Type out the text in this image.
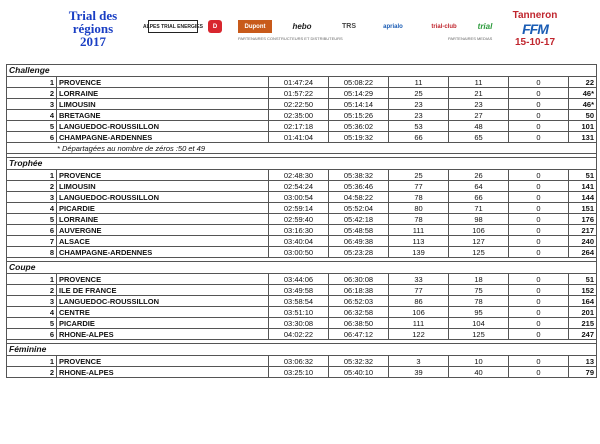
Trial des
régions
2017
ALPES TRIAL ENERGIES	D	Dupont	hebo	TRS	aprialo	trial-club	trial
PARTENAIRES CONSTRUCTEURS ET DISTRIBUTEURS	PARTENAIRES MEDIAS
Tanneron
FFM
15-10-17
Challenge							
1	PROVENCE	01:47:24	05:08:22	11	11	0	22
2	LORRAINE	01:57:22	05:14:29	25	21	0	46*
3	LIMOUSIN	02:22:50	05:14:14	23	23	0	46*
4	BRETAGNE	02:35:00	05:15:26	23	27	0	50
5	LANGUEDOC-ROUSSILLON	02:17:18	05:36:02	53	48	0	101
6	CHAMPAGNE-ARDENNES	01:41:04	05:19:32	66	65	0	131
* Départagées au nombre de zéros :50 et 49							

Trophée							
1	PROVENCE	02:48:30	05:38:32	25	26	0	51
2	LIMOUSIN	02:54:24	05:36:46	77	64	0	141
3	LANGUEDOC-ROUSSILLON	03:00:54	04:58:22	78	66	0	144
4	PICARDIE	02:59:14	05:52:04	80	71	0	151
5	LORRAINE	02:59:40	05:42:18	78	98	0	176
6	AUVERGNE	03:16:30	05:48:58	111	106	0	217
7	ALSACE	03:40:04	06:49:38	113	127	0	240
8	CHAMPAGNE-ARDENNES	03:00:50	05:23:28	139	125	0	264

Coupe							
1	PROVENCE	03:44:06	06:30:08	33	18	0	51
2	ILE DE FRANCE	03:49:58	06:18:38	77	75	0	152
3	LANGUEDOC-ROUSSILLON	03:58:54	06:52:03	86	78	0	164
4	CENTRE	03:51:10	06:32:58	106	95	0	201
5	PICARDIE	03:30:08	06:38:50	111	104	0	215
6	RHONE-ALPES	04:02:22	06:47:12	122	125	0	247

Féminine							
1	PROVENCE	03:06:32	05:32:32	3	10	0	13
2	RHONE-ALPES	03:25:10	05:40:10	39	40	0	79
